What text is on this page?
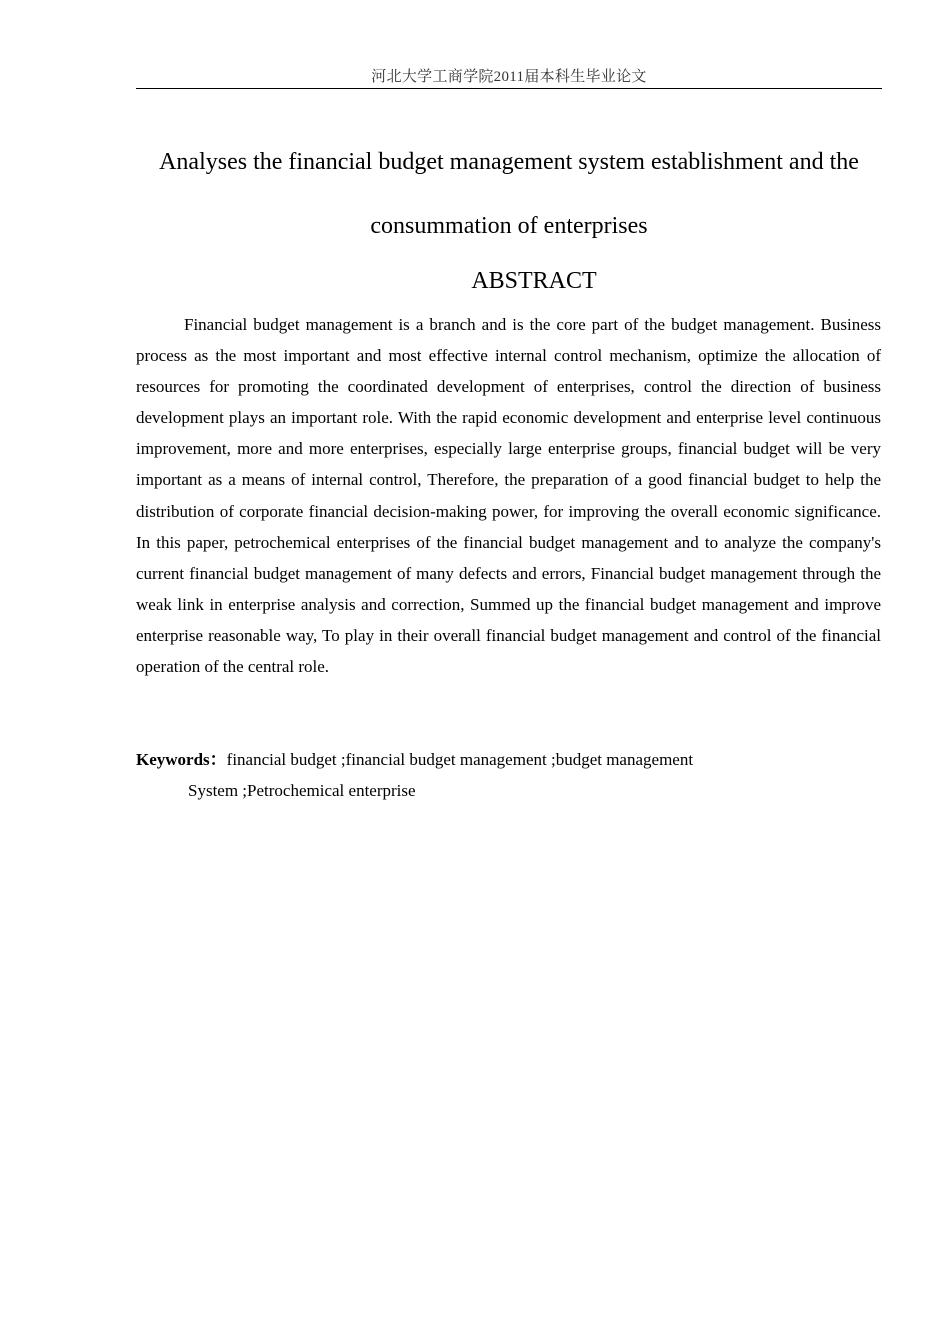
河北大学工商学院2011届本科生毕业论文
Analyses the financial budget management system establishment and the
consummation of enterprises
ABSTRACT

Financial budget management is a branch and is the core part of the budget management. Business process as the most important and most effective internal control mechanism, optimize the allocation of resources for promoting the coordinated development of enterprises, control the direction of business development plays an important role. With the rapid economic development and enterprise level continuous improvement, more and more enterprises, especially large enterprise groups, financial budget will be very important as a means of internal control, Therefore, the preparation of a good financial budget to help the distribution of corporate financial decision-making power, for improving the overall economic significance. In this paper, petrochemical enterprises of the financial budget management and to analyze the company's current financial budget management of many defects and errors, Financial budget management through the weak link in enterprise analysis and correction, Summed up the financial budget management and improve enterprise reasonable way, To play in their overall financial budget management and control of the financial operation of the central role.

Keywords：financial budget ;financial budget management ;budget management
System ;Petrochemical enterprise
